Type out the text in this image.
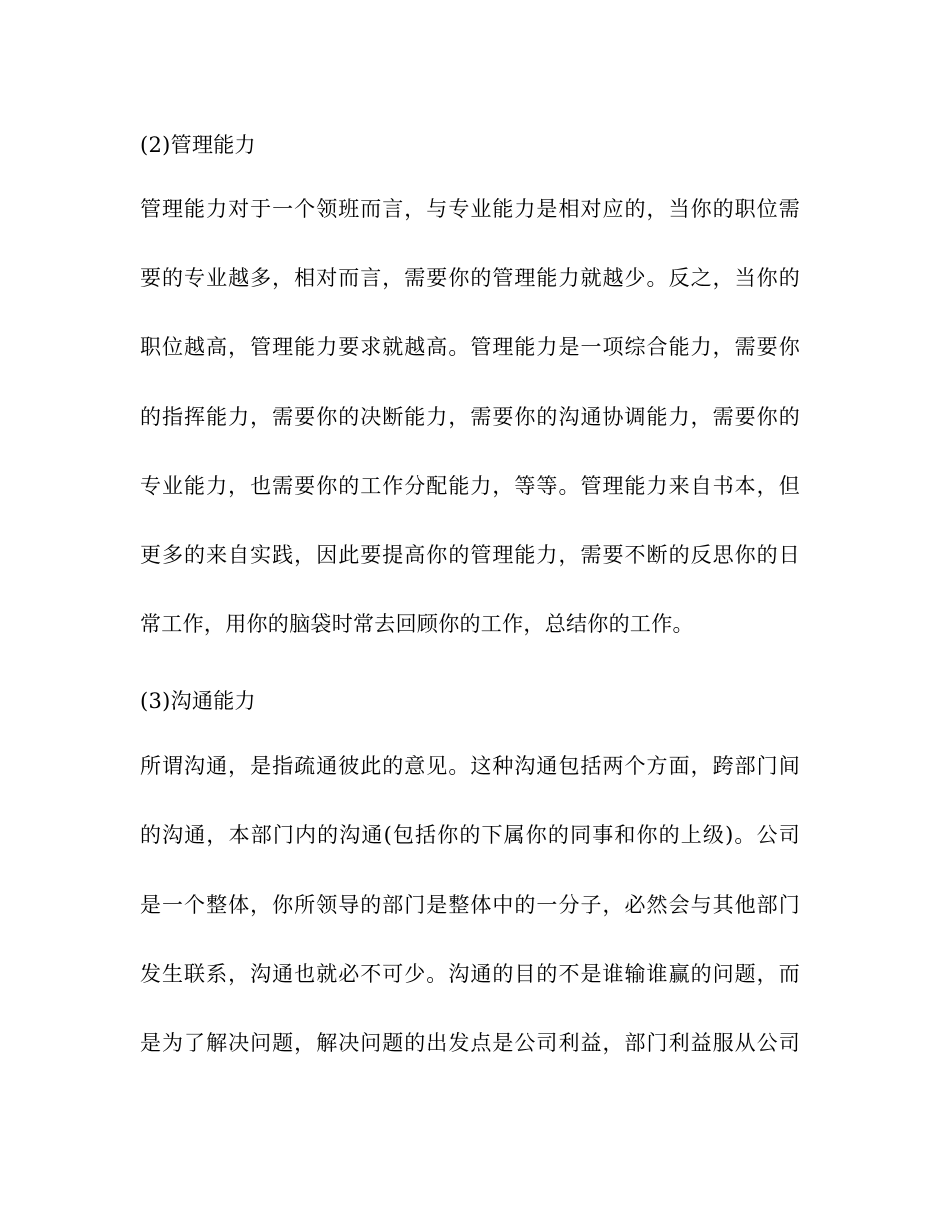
(2)管理能力
管理能力对于一个领班而言，与专业能力是相对应的，当你的职位需
要的专业越多，相对而言，需要你的管理能力就越少。反之，当你的
职位越高，管理能力要求就越高。管理能力是一项综合能力，需要你
的指挥能力，需要你的决断能力，需要你的沟通协调能力，需要你的
专业能力，也需要你的工作分配能力，等等。管理能力来自书本，但
更多的来自实践，因此要提高你的管理能力，需要不断的反思你的日
常工作，用你的脑袋时常去回顾你的工作，总结你的工作。
(3)沟通能力
所谓沟通，是指疏通彼此的意见。这种沟通包括两个方面，跨部门间
的沟通，本部门内的沟通(包括你的下属你的同事和你的上级)。公司
是一个整体，你所领导的部门是整体中的一分子，必然会与其他部门
发生联系，沟通也就必不可少。沟通的目的不是谁输谁赢的问题，而
是为了解决问题，解决问题的出发点是公司利益，部门利益服从公司
